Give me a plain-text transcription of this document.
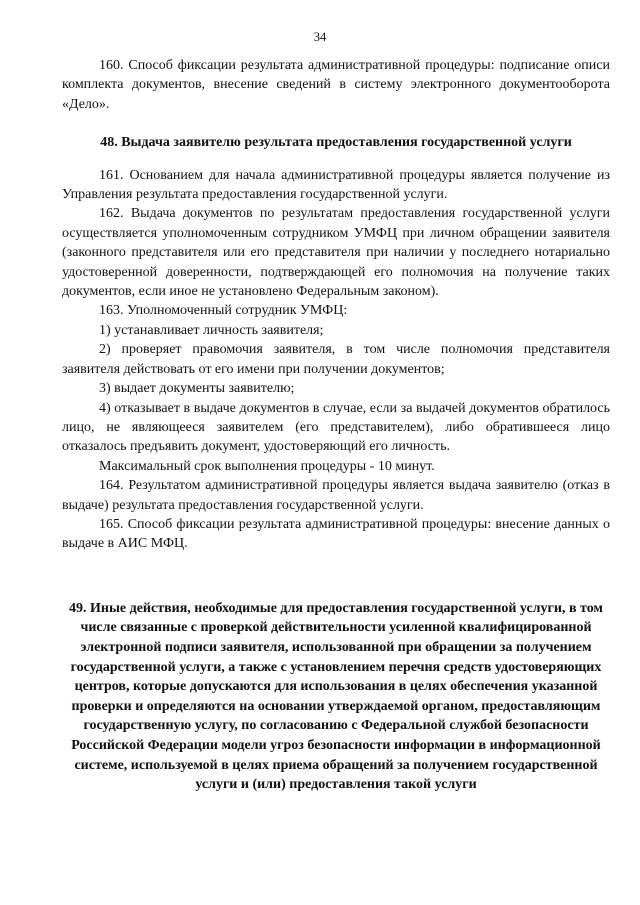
34

160. Способ фиксации результата административной процедуры: подписание описи комплекта документов, внесение сведений в систему электронного документооборота «Дело».

48. Выдача заявителю результата предоставления государственной услуги

161. Основанием для начала административной процедуры является получение из Управления результата предоставления государственной услуги.

162. Выдача документов по результатам предоставления государственной услуги осуществляется уполномоченным сотрудником УМФЦ при личном обращении заявителя (законного представителя или его представителя при наличии у последнего нотариально удостоверенной доверенности, подтверждающей его полномочия на получение таких документов, если иное не установлено Федеральным законом).

163. Уполномоченный сотрудник УМФЦ:

1) устанавливает личность заявителя;

2) проверяет правомочия заявителя, в том числе полномочия представителя заявителя действовать от его имени при получении документов;

3) выдает документы заявителю;

4) отказывает в выдаче документов в случае, если за выдачей документов обратилось лицо, не являющееся заявителем (его представителем), либо обратившееся лицо отказалось предъявить документ, удостоверяющий его личность.

Максимальный срок выполнения процедуры - 10 минут.

164. Результатом административной процедуры является выдача заявителю (отказ в выдаче) результата предоставления государственной услуги.

165. Способ фиксации результата административной процедуры: внесение данных о выдаче в АИС МФЦ.

49. Иные действия, необходимые для предоставления государственной услуги, в том числе связанные с проверкой действительности усиленной квалифицированной электронной подписи заявителя, использованной при обращении за получением государственной услуги, а также с установлением перечня средств удостоверяющих центров, которые допускаются для использования в целях обеспечения указанной проверки и определяются на основании утверждаемой органом, предоставляющим государственную услугу, по согласованию с Федеральной службой безопасности Российской Федерации модели угроз безопасности информации в информационной системе, используемой в целях приема обращений за получением государственной услуги и (или) предоставления такой услуги
